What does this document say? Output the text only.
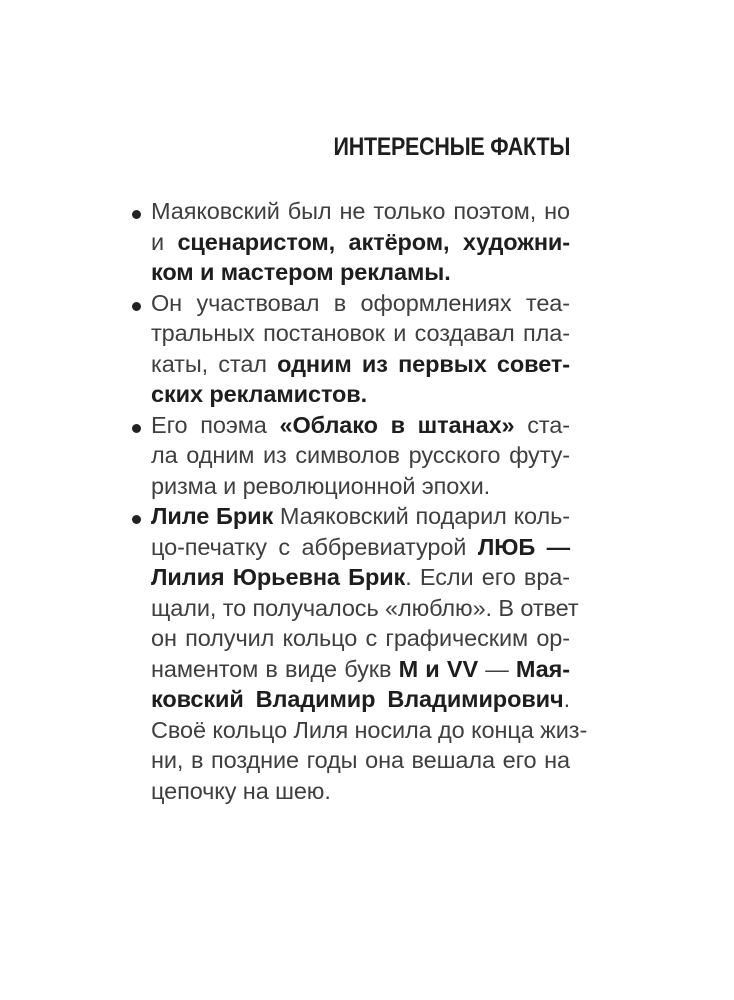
ИНТЕРЕСНЫЕ ФАКТЫ
Маяковский был не только поэтом, но
и сценаристом, актёром, художни-
ком и мастером рекламы.
Он участвовал в оформлениях теа-
тральных постановок и создавал пла-
каты, стал одним из первых совет-
ских рекламистов.
Его поэма «Облако в штанах» ста-
ла одним из символов русского футу-
ризма и революционной эпохи.
Лиле Брик Маяковский подарил коль-
цо-печатку с аббревиатурой ЛЮБ —
Лилия Юрьевна Брик. Если его вра-
щали, то получалось «люблю». В ответ
он получил кольцо с графическим ор-
наментом в виде букв М и VV — Мая-
ковский Владимир Владимирович.
Своё кольцо Лиля носила до конца жиз-
ни, в поздние годы она вешала его на
цепочку на шею.
